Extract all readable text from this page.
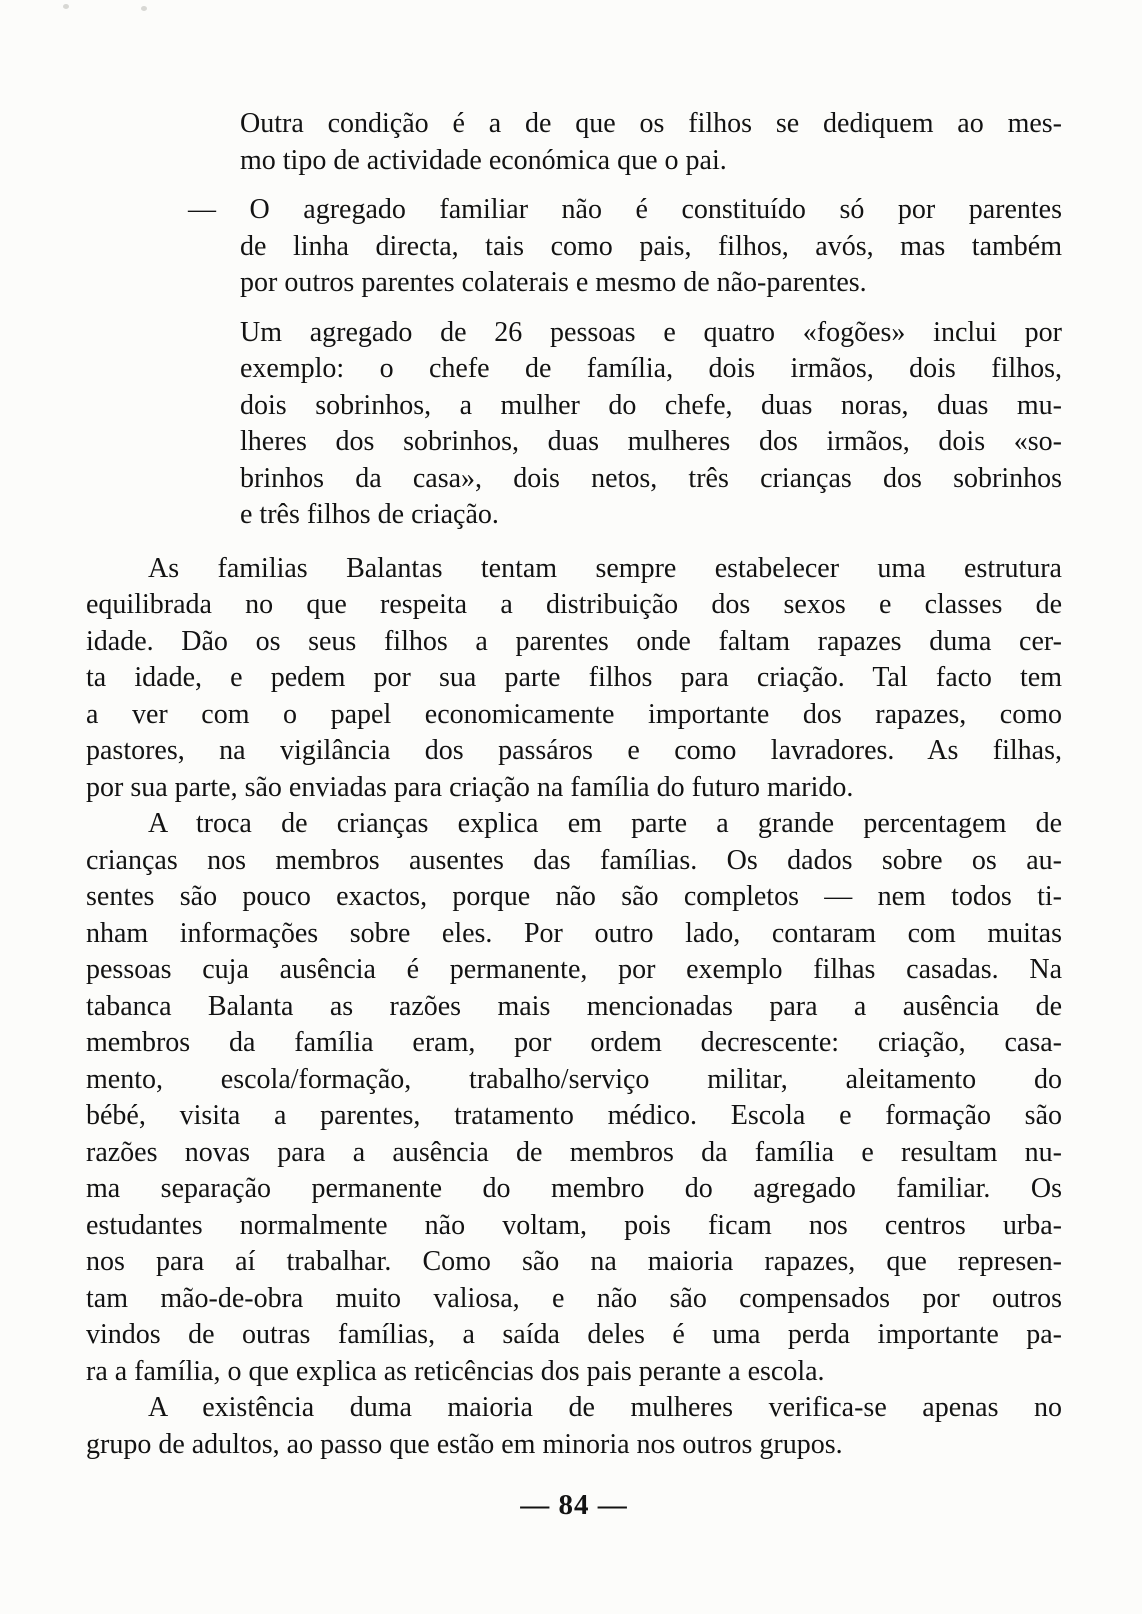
Outra condição é a de que os filhos se dediquem ao mes-
mo tipo de actividade económica que o pai.
— O agregado familiar não é constituído só por parentes
de linha directa, tais como pais, filhos, avós, mas também
por outros parentes colaterais e mesmo de não-parentes.
Um agregado de 26 pessoas e quatro «fogões» inclui por
exemplo: o chefe de família, dois irmãos, dois filhos,
dois sobrinhos, a mulher do chefe, duas noras, duas mu-
lheres dos sobrinhos, duas mulheres dos irmãos, dois «so-
brinhos da casa», dois netos, três crianças dos sobrinhos
e três filhos de criação.
As familias Balantas tentam sempre estabelecer uma estrutura
equilibrada no que respeita a distribuição dos sexos e classes de
idade. Dão os seus filhos a parentes onde faltam rapazes duma cer-
ta idade, e pedem por sua parte filhos para criação. Tal facto tem
a ver com o papel economicamente importante dos rapazes, como
pastores, na vigilância dos passáros e como lavradores. As filhas,
por sua parte, são enviadas para criação na família do futuro marido.
A troca de crianças explica em parte a grande percentagem de
crianças nos membros ausentes das famílias. Os dados sobre os au-
sentes são pouco exactos, porque não são completos — nem todos ti-
nham informações sobre eles. Por outro lado, contaram com muitas
pessoas cuja ausência é permanente, por exemplo filhas casadas. Na
tabanca Balanta as razões mais mencionadas para a ausência de
membros da família eram, por ordem decrescente: criação, casa-
mento, escola/formação, trabalho/serviço militar, aleitamento do
bébé, visita a parentes, tratamento médico. Escola e formação são
razões novas para a ausência de membros da família e resultam nu-
ma separação permanente do membro do agregado familiar. Os
estudantes normalmente não voltam, pois ficam nos centros urba-
nos para aí trabalhar. Como são na maioria rapazes, que represen-
tam mão-de-obra muito valiosa, e não são compensados por outros
vindos de outras famílias, a saída deles é uma perda importante pa-
ra a família, o que explica as reticências dos pais perante a escola.
A existência duma maioria de mulheres verifica-se apenas no
grupo de adultos, ao passo que estão em minoria nos outros grupos.
— 84 —
